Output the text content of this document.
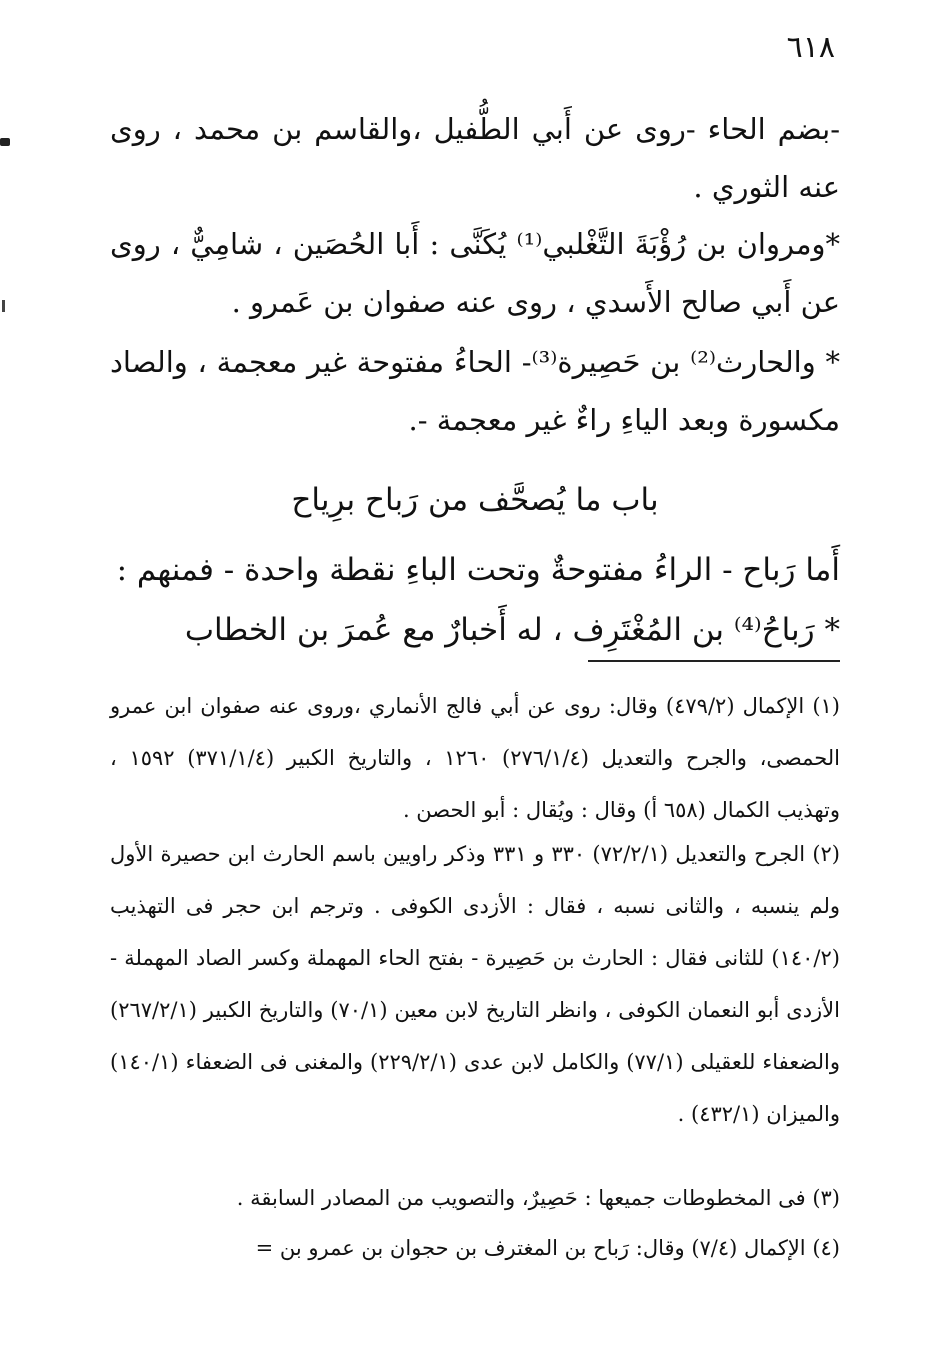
٦١٨

-بضم الحاء -روى عن أَبي الطُّفيل ،والقاسم بن محمد ، روى عنه الثوري .

*ومروان بن رُؤْبَةَ التَّغْلبي⁽¹⁾ يُكَنَّى : أَبا الحُصَين ، شامِيٌّ ، روى عن أَبي صالح الأَسدي ، روى عنه صفوان بن عَمرو .

* والحارث⁽²⁾ بن حَصِيرة⁽³⁾- الحاءُ مفتوحة غير معجمة ، والصاد مكسورة وبعد الياءِ راءٌ غير معجمة -.

باب ما يُصحَّف من رَباح برِياح

أَما رَباح - الراءُ مفتوحةٌ وتحت الباءِ نقطة واحدة - فمنهم :

* رَباحُ⁽⁴⁾ بن المُغْتَرِف ، له أَخبارٌ مع عُمرَ بن الخطاب

(١) الإكمال (٤٧٩/٢) وقال: روى عن أبي فالج الأنماري ،وروى عنه صفوان ابن عمرو الحمصى، والجرح والتعديل (٢٧٦/١/٤) ١٢٦٠ ، والتاريخ الكبير (٣٧١/١/٤) ١٥٩٢ ، وتهذيب الكمال (٦٥٨ أ) وقال : ويُقال : أبو الحصن .

(٢) الجرح والتعديل (٧٢/٢/١) ٣٣٠ و ٣٣١ وذكر راويين باسم الحارث ابن حصيرة الأول ولم ينسبه ، والثانى نسبه ، فقال : الأزدى الكوفى . وترجم ابن حجر فى التهذيب (١٤٠/٢) للثانى فقال : الحارث بن حَصِيرة - بفتح الحاء المهملة وكسر الصاد المهملة - الأزدى أبو النعمان الكوفى ، وانظر التاريخ لابن معين (٧٠/١) والتاريخ الكبير (٢٦٧/٢/١) والضعفاء للعقيلى (٧٧/١) والكامل لابن عدى (٢٢٩/٢/١) والمغنى فى الضعفاء (١٤٠/١) والميزان (٤٣٢/١) .

(٣) فى المخطوطات جميعها : حَصِيرٌ، والتصويب من المصادر السابقة .

(٤) الإكمال (٧/٤) وقال: رَباح بن المغترف بن حجوان بن عمرو بن =
